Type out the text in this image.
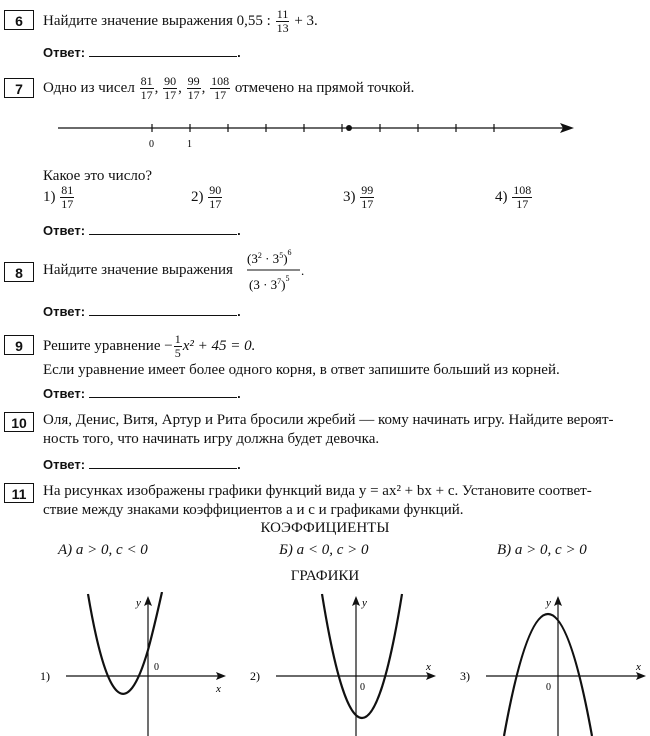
6	Найдите значение выражения 0,55 : $\frac{11}{13} + 3$.
Ответ:	.
7	Одно из чисел $\frac{81}{17}$ , $\frac{90}{17}$ , $\frac{99}{17}$ , $\frac{108}{17}$ отмечено на прямой точкой.
0	1
Какое это число?
$1) \frac{81}{17}$	$2) \frac{90}{17}$	$3) \frac{99}{17}$	$4) \frac{108}{17}$
Ответ:	.
8	Найдите значение выражения
$(3^2 \cdot 3^5)^6$
$(3 \cdot 3^7)^5$
.
Ответ:	.
9	Решите уравнение − $\frac{1}{5} x^2 + 45 = 0$.
Если уравнение имеет более одного корня, в ответ запишите больший из корней.
Ответ:	.
10	Оля, Денис, Витя, Артур и Рита бросили жребий — кому начинать игру. Найдите вероят-
ность того, что начинать игру должна будет девочка.
Ответ:	.
11	На рисунках изображены графики функций вида y = ax² + bx + c. Установите соответ-
ствие между знаками коэффициентов a и c и графиками функций.
КОЭФФИЦИЕНТЫ
А) a > 0, c < 0	Б) a < 0, c > 0	В) a > 0, c > 0
ГРАФИКИ
1)
x
y
0
2)
x
y
0
3)
x
y
0
